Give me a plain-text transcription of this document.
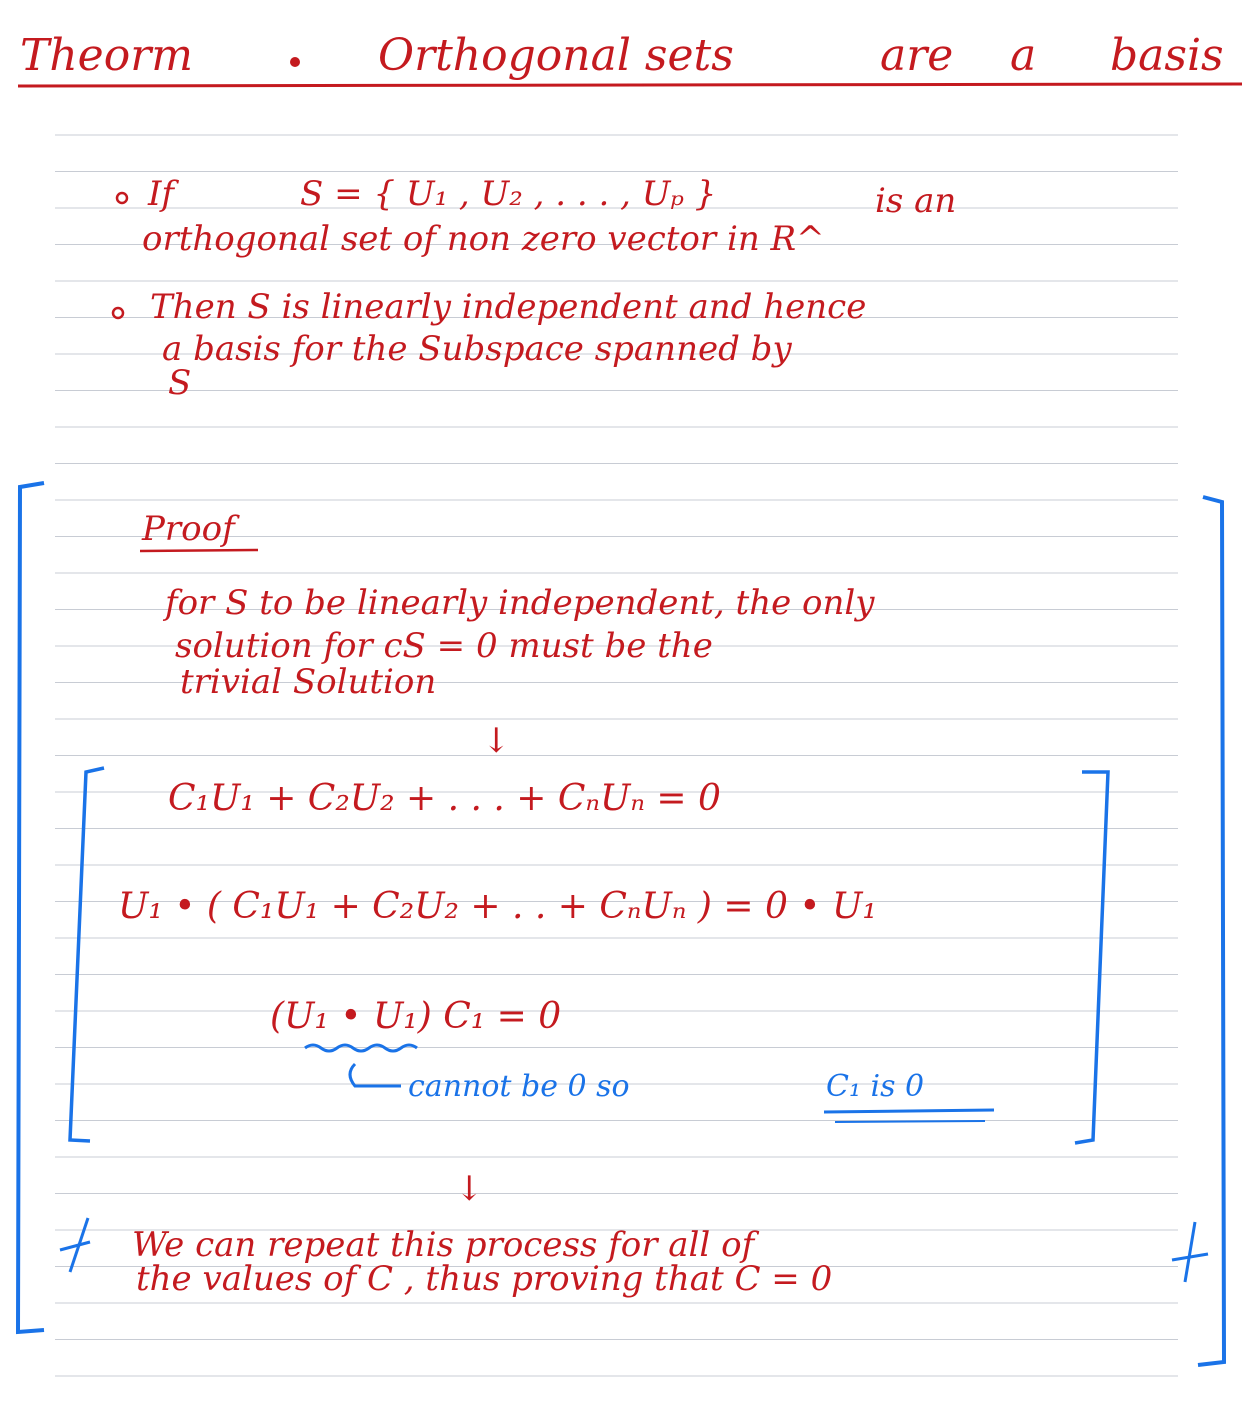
Theorm	Orthogonal sets	are a basis
If	S = { U₁ , U₂ , . . . , Uₚ }	is an
orthogonal set of non zero vector in R^
Then S is linearly independent and hence
a basis for the Subspace spanned by
S
Proof
for S to be linearly independent, the only
solution for cS = 0 must be the
trivial Solution
↓
C₁U₁ + C₂U₂ + . . . + CₙUₙ = 0
U₁ • ( C₁U₁ + C₂U₂ + . . + CₙUₙ ) = 0 • U₁
(U₁ • U₁) C₁ = 0
cannot be 0 so	C₁ is 0
↓
We can repeat this process for all of
the values of C , thus proving that C = 0
